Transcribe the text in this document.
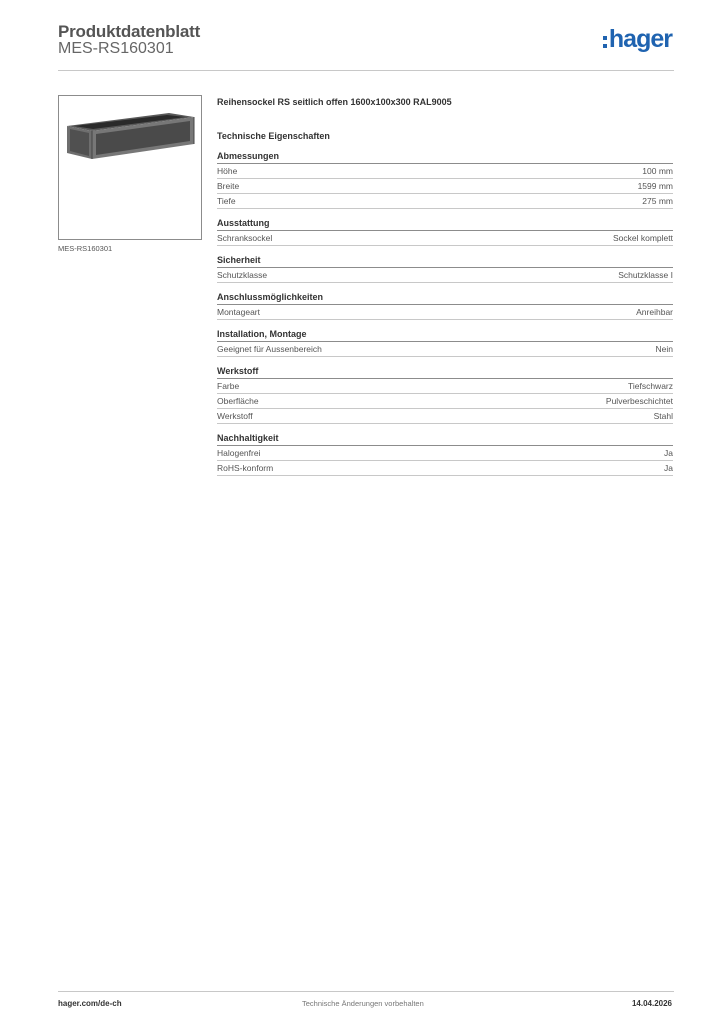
Produktdatenblatt
MES-RS160301	hager
MES-RS160301
Reihensockel RS seitlich offen 1600x100x300 RAL9005
Technische Eigenschaften
Abmessungen
Höhe	100 mm
Breite	1599 mm
Tiefe	275 mm
Ausstattung
Schranksockel	Sockel komplett
Sicherheit
Schutzklasse	Schutzklasse I
Anschlussmöglichkeiten
Montageart	Anreihbar
Installation, Montage
Geeignet für Aussenbereich	Nein
Werkstoff
Farbe	Tiefschwarz
Oberfläche	Pulverbeschichtet
Werkstoff	Stahl
Nachhaltigkeit
Halogenfrei	Ja
RoHS-konform	Ja
hager.com/de-ch	Technische Änderungen vorbehalten	14.04.2026
